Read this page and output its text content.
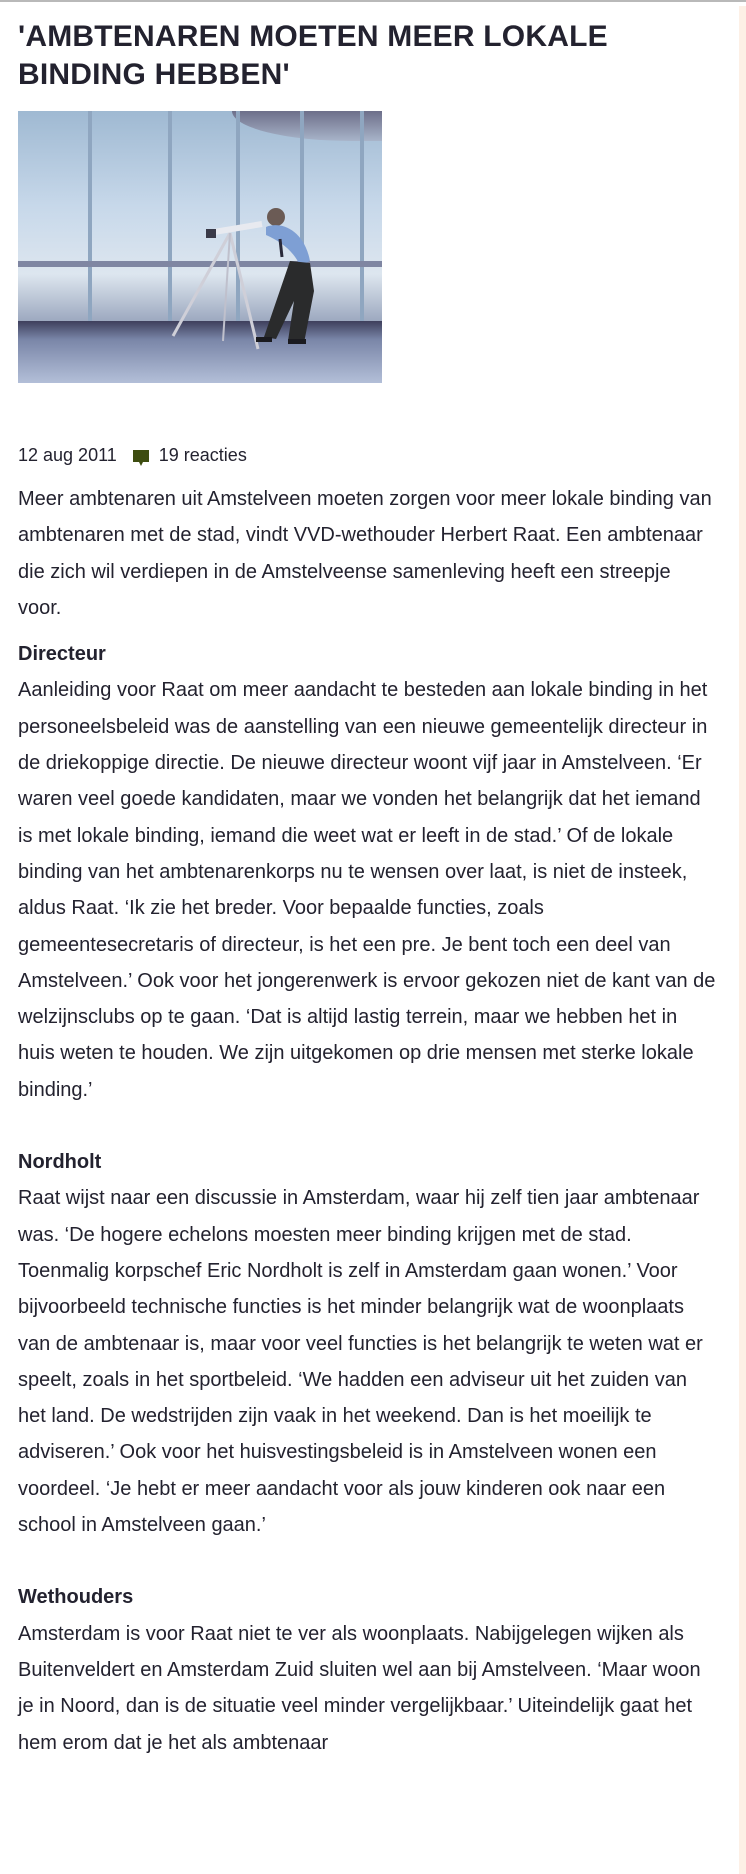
'AMBTENAREN MOETEN MEER LOKALE BINDING HEBBEN'
12 aug 2011 19 reacties

Meer ambtenaren uit Amstelveen moeten zorgen voor meer lokale binding van ambtenaren met de stad, vindt VVD-wethouder Herbert Raat. Een ambtenaar die zich wil verdiepen in de Amstelveense samenleving heeft een streepje voor.

Directeur

Aanleiding voor Raat om meer aandacht te besteden aan lokale binding in het personeelsbeleid was de aanstelling van een nieuwe gemeentelijk directeur in de driekoppige directie. De nieuwe directeur woont vijf jaar in Amstelveen. ‘Er waren veel goede kandidaten, maar we vonden het belangrijk dat het iemand is met lokale binding, iemand die weet wat er leeft in de stad.’ Of de lokale binding van het ambtenarenkorps nu te wensen over laat, is niet de insteek, aldus Raat. ‘Ik zie het breder. Voor bepaalde functies, zoals gemeentesecretaris of directeur, is het een pre. Je bent toch een deel van Amstelveen.’ Ook voor het jongerenwerk is ervoor gekozen niet de kant van de welzijnsclubs op te gaan. ‘Dat is altijd lastig terrein, maar we hebben het in huis weten te houden. We zijn uitgekomen op drie mensen met sterke lokale binding.’

Nordholt

Raat wijst naar een discussie in Amsterdam, waar hij zelf tien jaar ambtenaar was. ‘De hogere echelons moesten meer binding krijgen met de stad. Toenmalig korpschef Eric Nordholt is zelf in Amsterdam gaan wonen.’ Voor bijvoorbeeld technische functies is het minder belangrijk wat de woonplaats van de ambtenaar is, maar voor veel functies is het belangrijk te weten wat er speelt, zoals in het sportbeleid. ‘We hadden een adviseur uit het zuiden van het land. De wedstrijden zijn vaak in het weekend. Dan is het moeilijk te adviseren.’ Ook voor het huisvestingsbeleid is in Amstelveen wonen een voordeel. ‘Je hebt er meer aandacht voor als jouw kinderen ook naar een school in Amstelveen gaan.’

Wethouders

Amsterdam is voor Raat niet te ver als woonplaats. Nabijgelegen wijken als Buitenveldert en Amsterdam Zuid sluiten wel aan bij Amstelveen. ‘Maar woon je in Noord, dan is de situatie veel minder vergelijkbaar.’ Uiteindelijk gaat het hem erom dat je het als ambtenaar
